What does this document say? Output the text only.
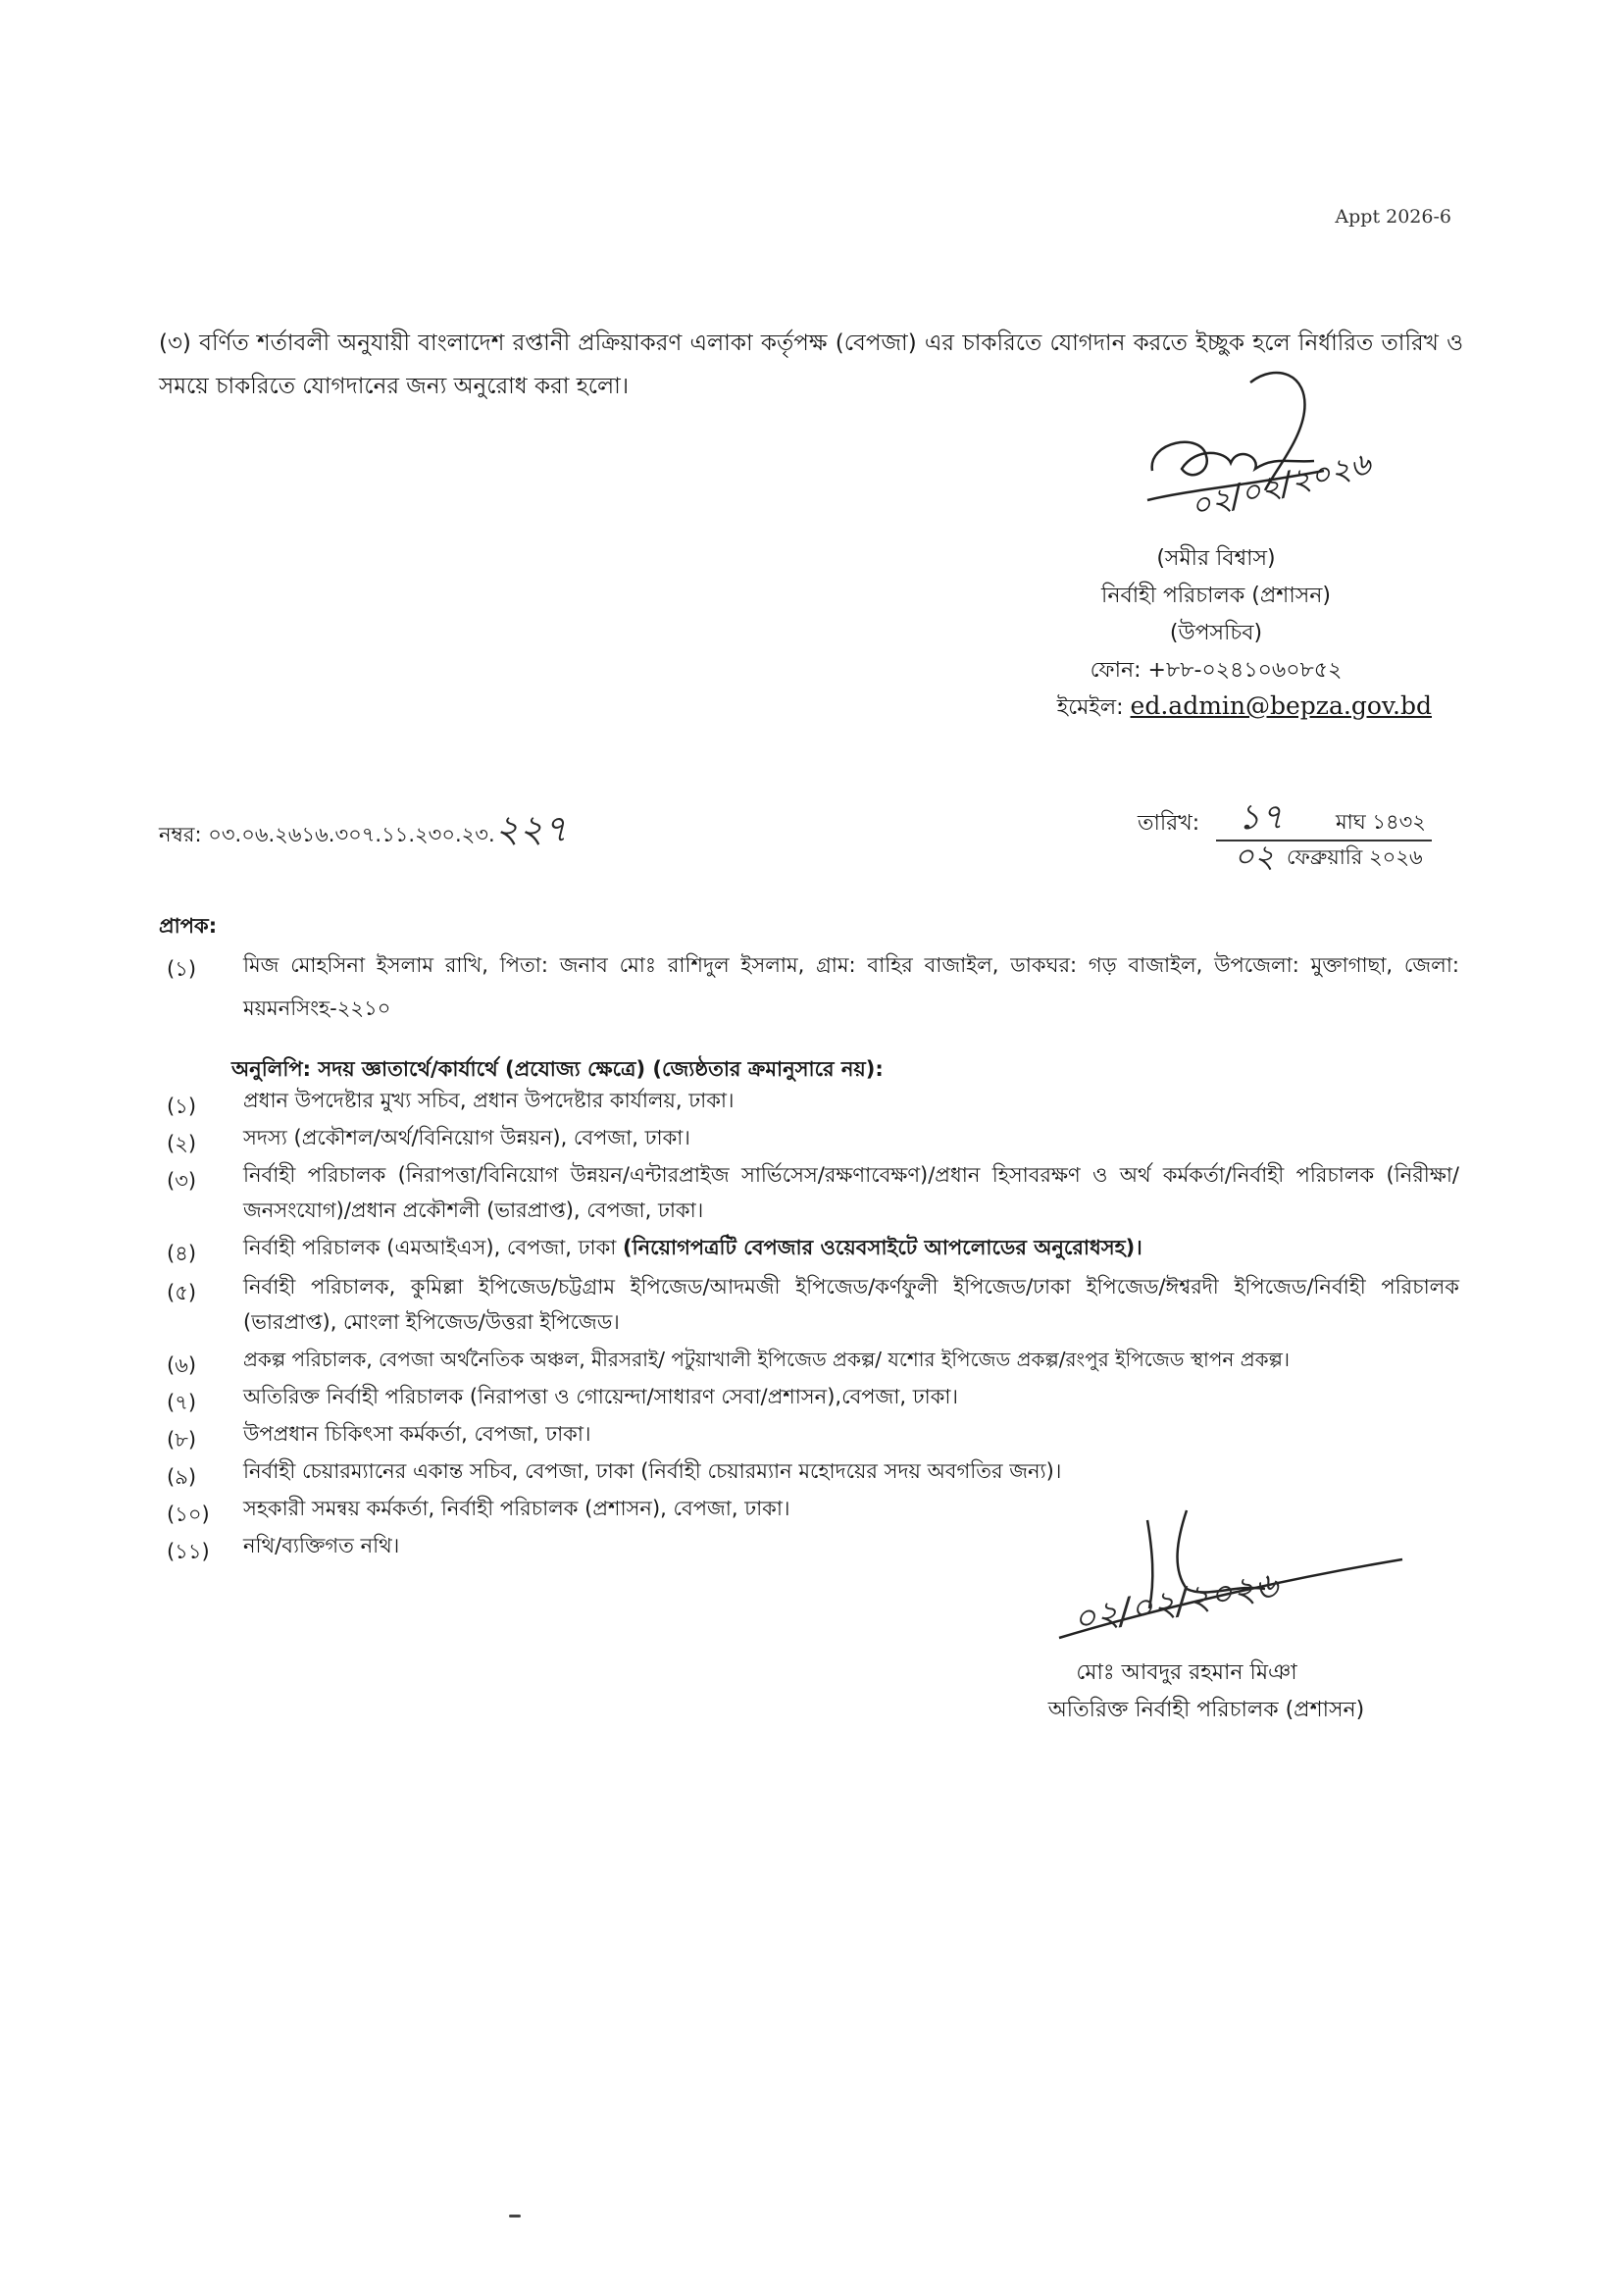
Appt 2026-6
(৩) বর্ণিত শর্তাবলী অনুযায়ী বাংলাদেশ রপ্তানী প্রক্রিয়াকরণ এলাকা কর্তৃপক্ষ (বেপজা) এর চাকরিতে যোগদান করতে ইচ্ছুক হলে নির্ধারিত তারিখ ও সময়ে চাকরিতে যোগদানের জন্য অনুরোধ করা হলো।
০২/০২/২০২৬
(সমীর বিশ্বাস)
নির্বাহী পরিচালক (প্রশাসন)
(উপসচিব)
ফোন: +৮৮-০২৪১০৬০৮৫২
ইমেইল: ed.admin@bepza.gov.bd
নম্বর: ০৩.০৬.২৬১৬.৩০৭.১১.২৩০.২৩.২২৭	তারিখ: ১৭	মাঘ ১৪৩২
০২ ফেব্রুয়ারি ২০২৬
প্রাপক:
(১)	মিজ মোহসিনা ইসলাম রাখি, পিতা: জনাব মোঃ রাশিদুল ইসলাম, গ্রাম: বাহির বাজাইল, ডাকঘর: গড় বাজাইল, উপজেলা: মুক্তাগাছা, জেলা: ময়মনসিংহ-২২১০
অনুলিপি: সদয় জ্ঞাতার্থে/কার্যার্থে (প্রযোজ্য ক্ষেত্রে) (জ্যেষ্ঠতার ক্রমানুসারে নয়):
(১)	প্রধান উপদেষ্টার মুখ্য সচিব, প্রধান উপদেষ্টার কার্যালয়, ঢাকা।
(২)	সদস্য (প্রকৌশল/অর্থ/বিনিয়োগ উন্নয়ন), বেপজা, ঢাকা।
(৩)	নির্বাহী পরিচালক (নিরাপত্তা/বিনিয়োগ উন্নয়ন/এন্টারপ্রাইজ সার্ভিসেস/রক্ষণাবেক্ষণ)/প্রধান হিসাবরক্ষণ ও অর্থ কর্মকর্তা/নির্বাহী পরিচালক (নিরীক্ষা/জনসংযোগ)/প্রধান প্রকৌশলী (ভারপ্রাপ্ত), বেপজা, ঢাকা।
(৪)	নির্বাহী পরিচালক (এমআইএস), বেপজা, ঢাকা (নিয়োগপত্রটি বেপজার ওয়েবসাইটে আপলোডের অনুরোধসহ)।
(৫)	নির্বাহী পরিচালক, কুমিল্লা ইপিজেড/চট্টগ্রাম ইপিজেড/আদমজী ইপিজেড/কর্ণফুলী ইপিজেড/ঢাকা ইপিজেড/ঈশ্বরদী ইপিজেড/নির্বাহী পরিচালক (ভারপ্রাপ্ত), মোংলা ইপিজেড/উত্তরা ইপিজেড।
(৬)	প্রকল্প পরিচালক, বেপজা অর্থনৈতিক অঞ্চল, মীরসরাই/ পটুয়াখালী ইপিজেড প্রকল্প/ যশোর ইপিজেড প্রকল্প/রংপুর ইপিজেড স্থাপন প্রকল্প।
(৭)	অতিরিক্ত নির্বাহী পরিচালক (নিরাপত্তা ও গোয়েন্দা/সাধারণ সেবা/প্রশাসন),বেপজা, ঢাকা।
(৮)	উপপ্রধান চিকিৎসা কর্মকর্তা, বেপজা, ঢাকা।
(৯)	নির্বাহী চেয়ারম্যানের একান্ত সচিব, বেপজা, ঢাকা (নির্বাহী চেয়ারম্যান মহোদয়ের সদয় অবগতির জন্য)।
(১০)	সহকারী সমন্বয় কর্মকর্তা, নির্বাহী পরিচালক (প্রশাসন), বেপজা, ঢাকা।
(১১)	নথি/ব্যক্তিগত নথি।
০২/০২/২০২৬
মোঃ আবদুর রহমান মিঞা
অতিরিক্ত নির্বাহী পরিচালক (প্রশাসন)
